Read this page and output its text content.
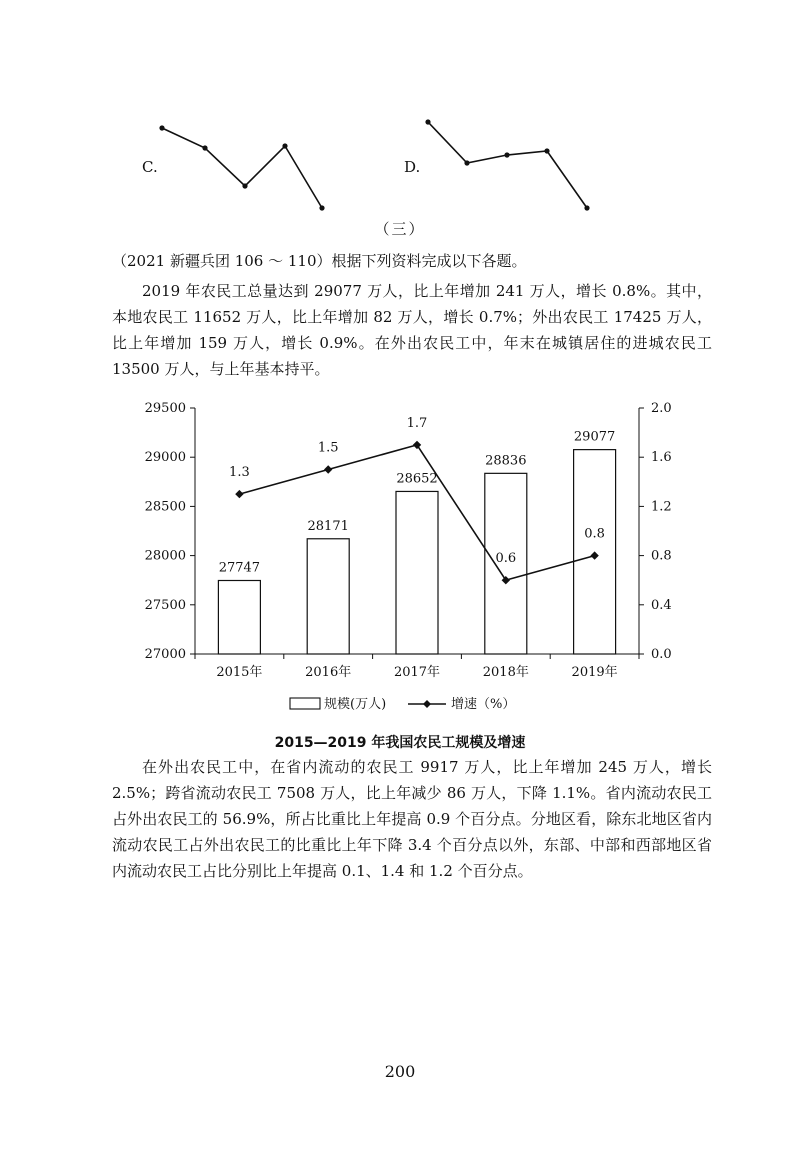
C.	D.
（三）
（2021 新疆兵团 106 ～ 110）根据下列资料完成以下各题。

2019 年农民工总量达到 29077 万人，比上年增加 241 万人，增长 0.8%。其中，本地农民工 11652 万人，比上年增加 82 万人，增长 0.7%；外出农民工 17425 万人，比上年增加 159 万人，增长 0.9%。在外出农民工中，年末在城镇居住的进城农民工 13500 万人，与上年基本持平。

27000
27500
28000
28500
29000
29500
0.0
0.4
0.8
1.2
1.6
2.0
2015年	2016年	2017年	2018年	2019年
27747
28171
28652
28836
29077
1.3
1.5
1.7
0.6
0.8
规模(万人)	增速（%）
2015—2019 年我国农民工规模及增速

在外出农民工中，在省内流动的农民工 9917 万人，比上年增加 245 万人，增长 2.5%；跨省流动农民工 7508 万人，比上年减少 86 万人，下降 1.1%。省内流动农民工占外出农民工的 56.9%，所占比重比上年提高 0.9 个百分点。分地区看，除东北地区省内流动农民工占外出农民工的比重比上年下降 3.4 个百分点以外，东部、中部和西部地区省内流动农民工占比分别比上年提高 0.1、1.4 和 1.2 个百分点。

200
